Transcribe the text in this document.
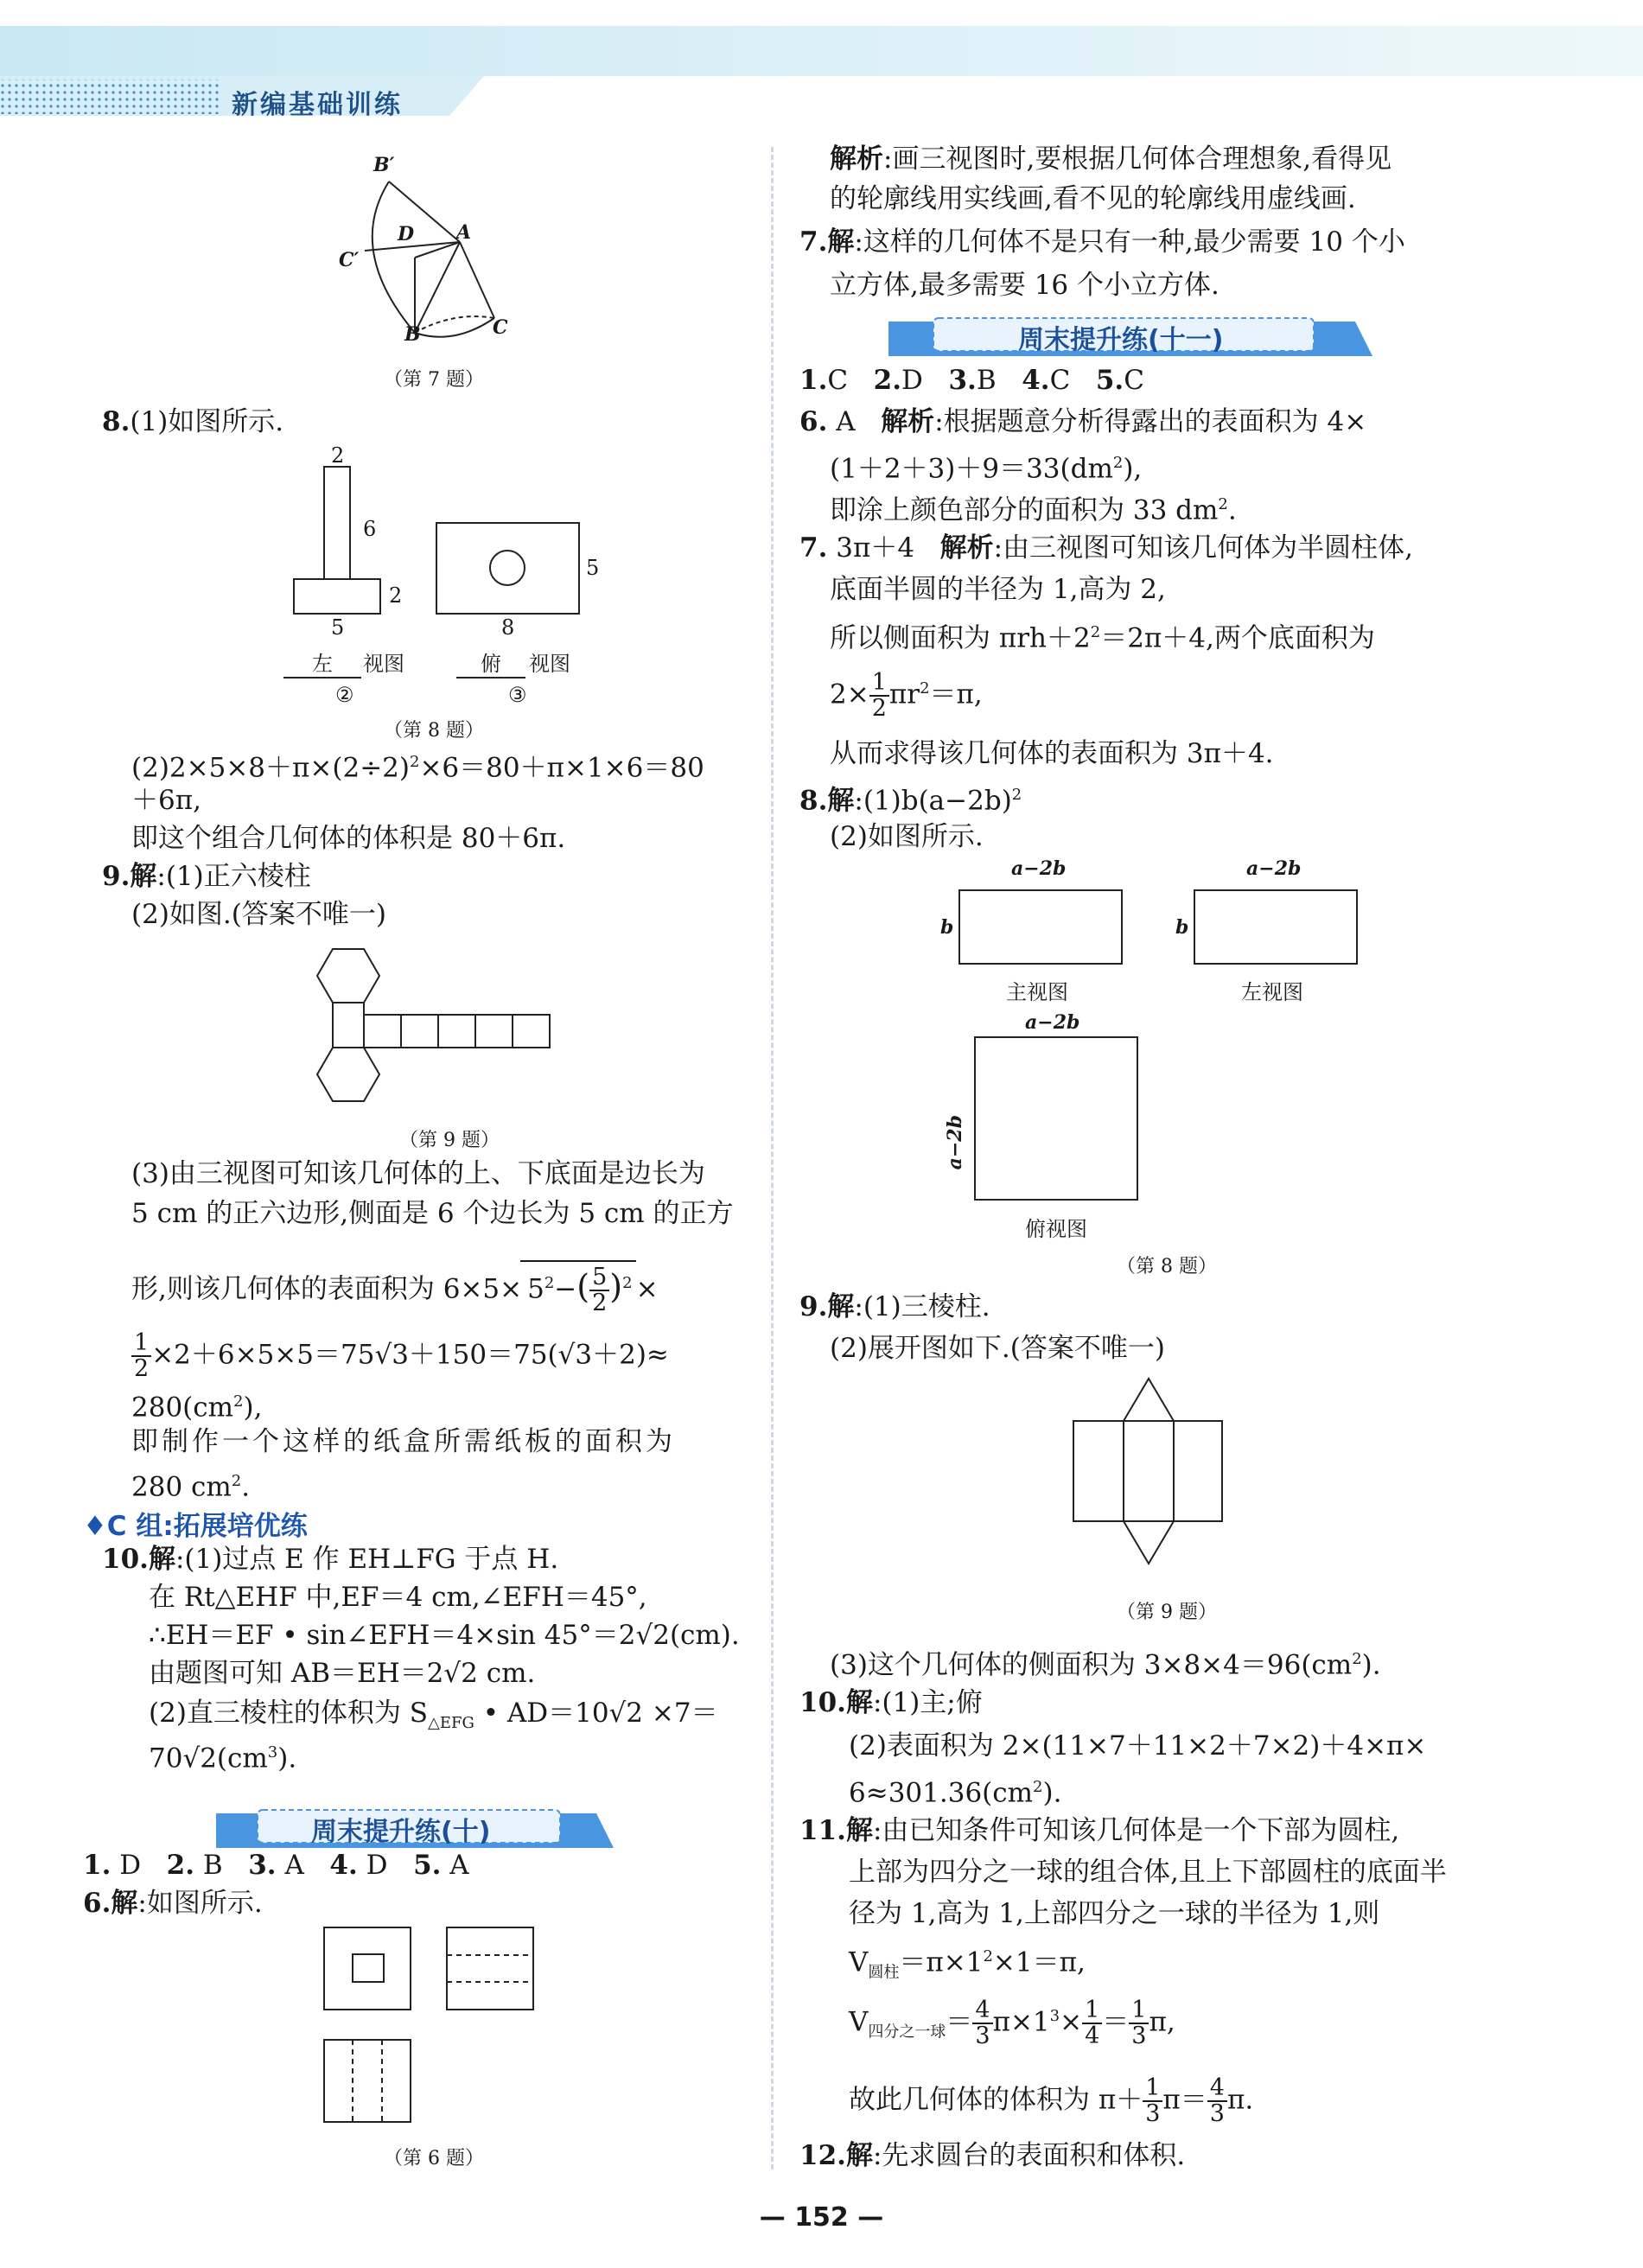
新编基础训练
B′
D A
C′
B	C
（第 7 题）
8.(1)如图所示.
2
6
2
5
5
8
左	视图
②
俯	视图
③
（第 8 题）
$(2)2\times 5\times 8+\pi\times(2\div 2)^2\times 6=80+\pi\times 1\times 6=80$
＋6π,
即这个组合几何体的体积是 80＋6π.
9.解:(1)正六棱柱
(2)如图.(答案不唯一)
（第 9 题）
(3)由三视图可知该几何体的上、下底面是边长为
5 cm 的正六边形,侧面是 6 个边长为 5 cm 的正方
形,则该几何体的表面积为 $6\times 5\times 5^2-( \frac{5}{2} )^2$ ×
$\frac{1}{2} \times 2+6\times 5\times 5=75√3+150=75(√3+2)\approx$
$280(cm^2)$,
即制作一个这样的纸盒所需纸板的面积为
280 $cm^2$.
♦C 组:拓展培优练
10.解:(1)过点 E 作 EH⊥FG 于点 H.
在 Rt△EHF 中,EF＝4 cm,∠EFH＝45°,
∴EH＝EF • sin∠EFH＝4×sin 45°＝2√2(cm).
由题图可知 AB＝EH＝2√2 cm.
(2)直三棱柱的体积为 $S_{\triangle EFG}$ • AD＝10√2 ×7＝
$70√2(cm^3)$.
周末提升练(十)
1. D 2. B 3. A 4. D 5. A
6.解:如图所示.
（第 6 题）
解析:画三视图时,要根据几何体合理想象,看得见
的轮廓线用实线画,看不见的轮廓线用虚线画.
7.解:这样的几何体不是只有一种,最少需要 10 个小
立方体,最多需要 16 个小立方体.
周末提升练(十一)
1.C 2.D 3.B 4.C 5.C
6. A 解析:根据题意分析得露出的表面积为 4×
$(1+2+3)+9=33(dm^2)$,
即涂上颜色部分的面积为 33 $dm^2$.
7. 3π＋4 解析:由三视图可知该几何体为半圆柱体,
底面半圆的半径为 1,高为 2,
所以侧面积为 $\pi rh+2^2=2\pi+4$,两个底面积为
$2\times \frac{1}{2} \pi r^2=\pi$,
从而求得该几何体的表面积为 3π＋4.
8.解$:(1)b(a-2b)^2$
(2)如图所示.
a−2b
b
主视图
a−2b
b
左视图
a−2b
a−2b
俯视图
（第 8 题）
9.解:(1)三棱柱.
(2)展开图如下.(答案不唯一)
（第 9 题）
(3)这个几何体的侧面积为 $3\times 8\times 4=96(cm^2)$.
10.解:(1)主;俯
(2)表面积为 2×(11×7＋11×2＋7×2)＋4×π×
$6\approx 301.36(cm^2)$.
11.解:由已知条件可知该几何体是一个下部为圆柱,
上部为四分之一球的组合体,且上下部圆柱的底面半
径为 1,高为 1,上部四分之一球的半径为 1,则
$V_{圆柱}=\pi\times 1^2\times 1=\pi$,
$V_{四分之一球}= \frac{4}{3} \pi\times 1^3\times \frac{1}{4} = \frac{1}{3} \pi$,
故此几何体的体积为 $\pi+ \frac{1}{3} \pi= \frac{4}{3} \pi$.
12.解:先求圆台的表面积和体积.
— 152 —
